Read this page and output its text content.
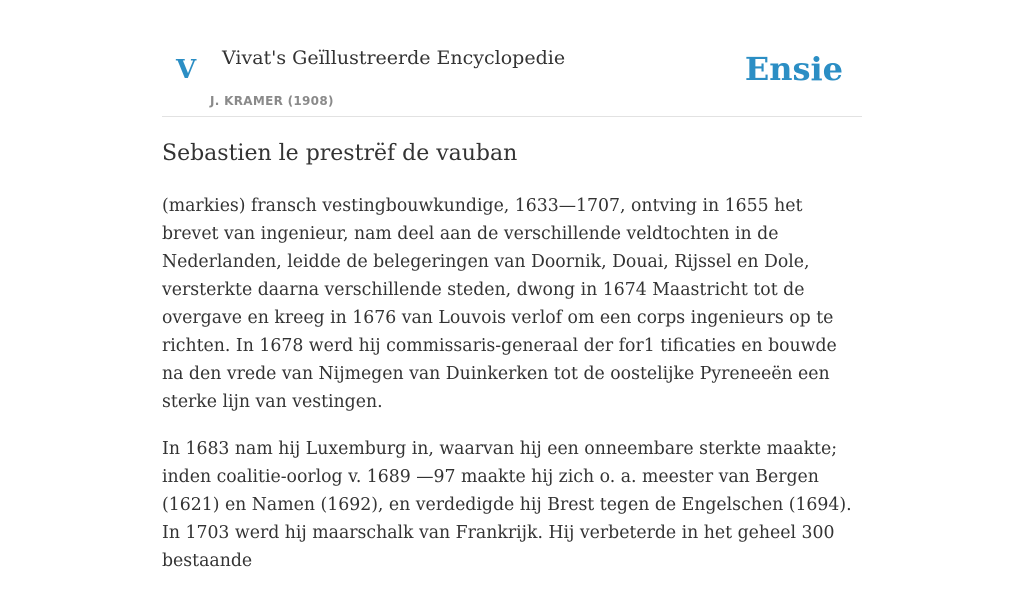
V Vivat's Geïllustreerde Encyclopedie
J. KRAMER (1908)
Ensie
Sebastien le prestrëf de vauban

(markies) fransch vestingbouwkundige, 1633—1707, ontving in 1655 het brevet van ingenieur, nam deel aan de verschillende veldtochten in de Nederlanden, leidde de belegeringen van Doornik, Douai, Rijssel en Dole, versterkte daarna verschillende steden, dwong in 1674 Maastricht tot de overgave en kreeg in 1676 van Louvois verlof om een corps ingenieurs op te richten. In 1678 werd hij commissaris-generaal der for1 tificaties en bouwde na den vrede van Nijmegen van Duinkerken tot de oostelijke Pyreneeën een sterke lijn van vestingen.

In 1683 nam hij Luxemburg in, waarvan hij een onneembare sterkte maakte; inden coalitie-oorlog v. 1689 —97 maakte hij zich o. a. meester van Bergen (1621) en Namen (1692), en verdedigde hij Brest tegen de Engelschen (1694). In 1703 werd hij maarschalk van Frankrijk. Hij verbeterde in het geheel 300 bestaande
